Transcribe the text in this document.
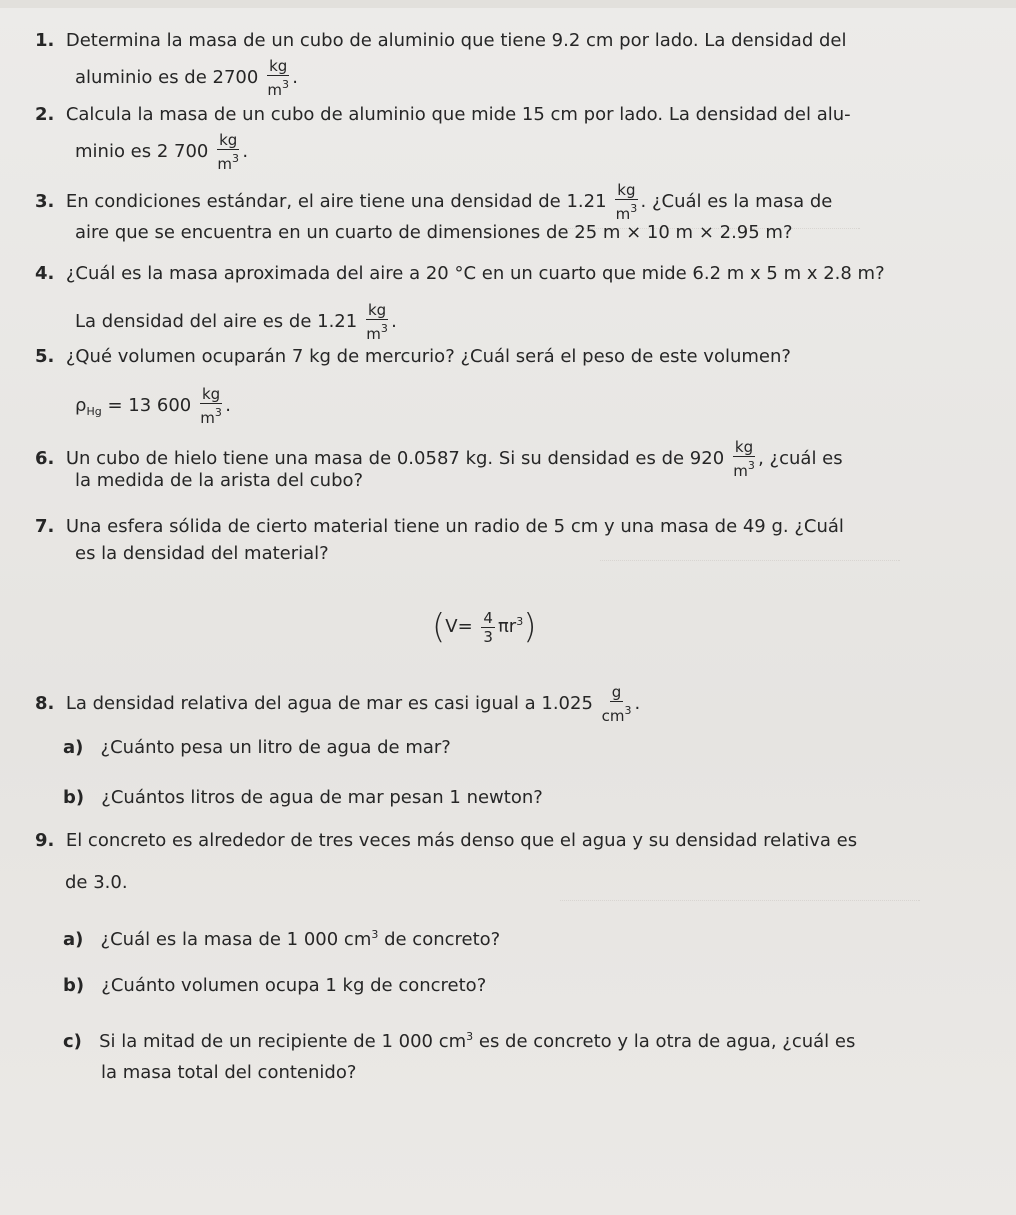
1. Determina la masa de un cubo de aluminio que tiene 9.2 cm por lado. La densidad del
aluminio es de $2700 \frac{kg}{m^3}$ .
2. Calcula la masa de un cubo de aluminio que mide 15 cm por lado. La densidad del alu-
minio es 2 $700 \frac{kg}{m^3}$ .
3. En condiciones estándar, el aire tiene una densidad de $1.21 \frac{kg}{m^3}$ . ¿Cuál es la masa de
aire que se encuentra en un cuarto de dimensiones de 25 m × 10 m × 2.95 m?
4. ¿Cuál es la masa aproximada del aire a 20 °C en un cuarto que mide 6.2 m x 5 m x 2.8 m?
La densidad del aire es de $1.21 \frac{kg}{m^3}$ .
5. ¿Qué volumen ocuparán 7 kg de mercurio? ¿Cuál será el peso de este volumen?
$\rho_{Hg} = 13$ $600 \frac{kg}{m^3}$ .
6. Un cubo de hielo tiene una masa de 0.0587 kg. Si su densidad es de $920 \frac{kg}{m^3}$ , ¿cuál es
la medida de la arista del cubo?
7. Una esfera sólida de cierto material tiene un radio de 5 cm y una masa de 49 g. ¿Cuál
es la densidad del material?
$(V= \frac{4}{3} \pi r^3)$
8. La densidad relativa del agua de mar es casi igual a $1.025 \frac{g}{cm^3}$ .
a) ¿Cuánto pesa un litro de agua de mar?
b) ¿Cuántos litros de agua de mar pesan 1 newton?
9. El concreto es alrededor de tres veces más denso que el agua y su densidad relativa es
de 3.0.
a) ¿Cuál es la masa de 1 000 $cm^3$ de concreto?
b) ¿Cuánto volumen ocupa 1 kg de concreto?
c) Si la mitad de un recipiente de 1 000 $cm^3$ es de concreto y la otra de agua, ¿cuál es
la masa total del contenido?
